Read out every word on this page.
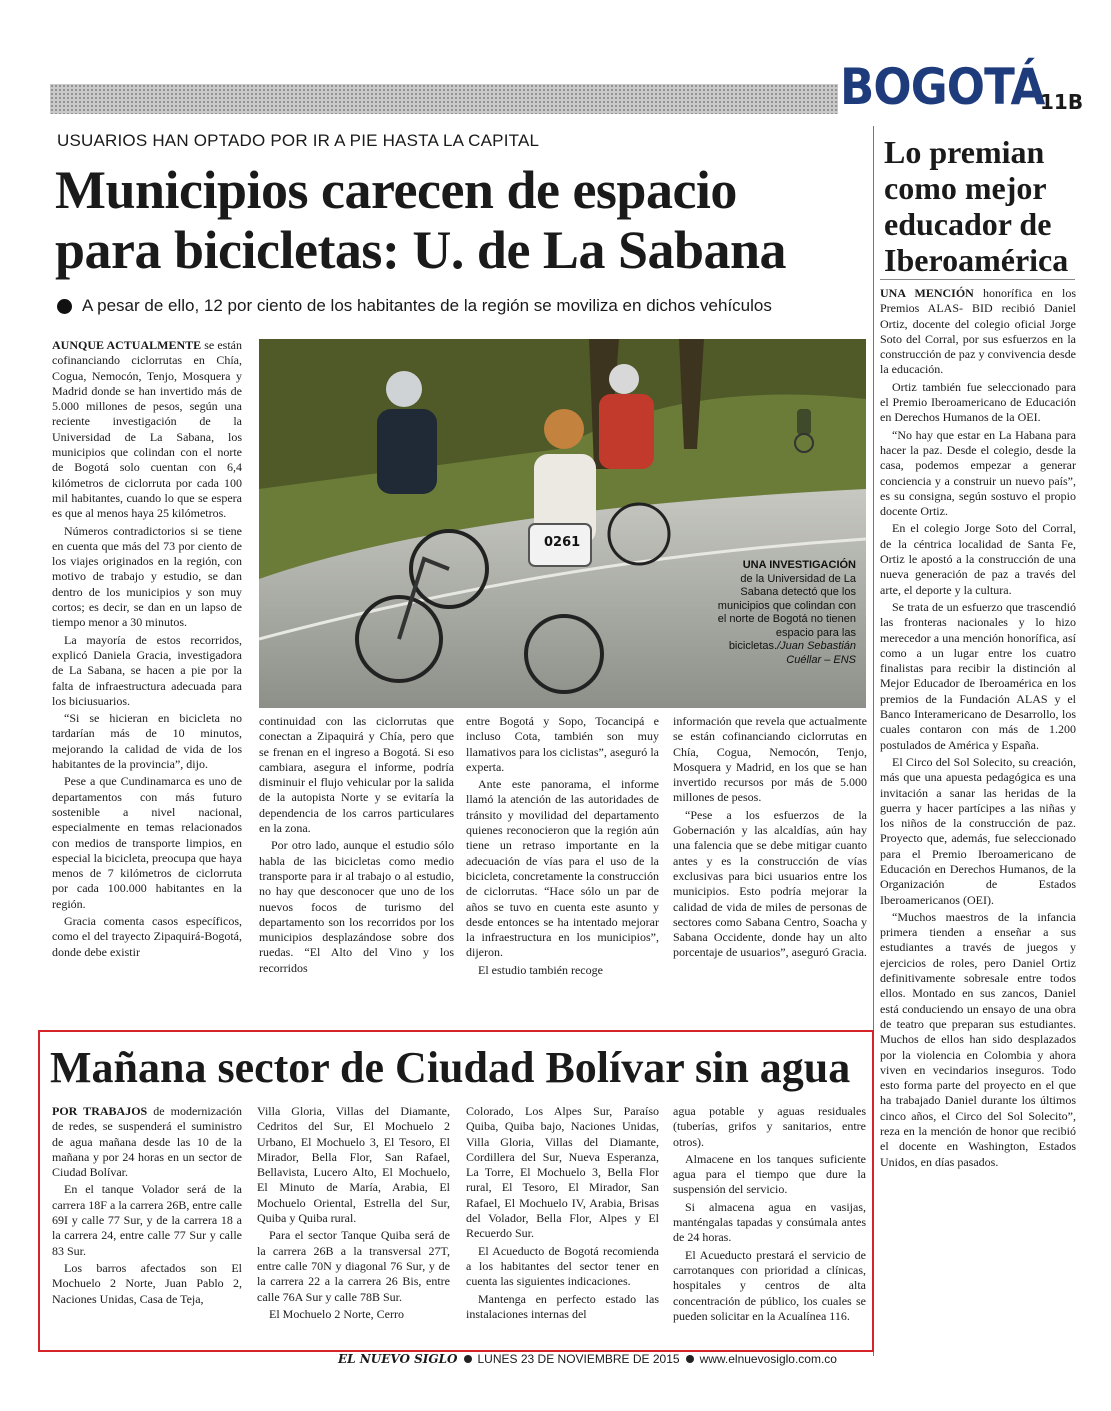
BOGOTÁ
11B
USUARIOS HAN OPTADO POR IR A PIE HASTA LA CAPITAL
Municipios carecen de espacio
para bicicletas: U. de La Sabana
A pesar de ello, 12 por ciento de los habitantes de la región se moviliza en dichos vehículos

AUNQUE ACTUALMENTE se están cofinanciando ciclorrutas en Chía, Cogua, Nemocón, Tenjo, Mosquera y Madrid donde se han invertido más de 5.000 millones de pesos, según una reciente investigación de la Universidad de La Sabana, los municipios que colindan con el norte de Bogotá solo cuentan con 6,4 kilómetros de ciclorruta por cada 100 mil habitantes, cuando lo que se espera es que al menos haya 25 kilómetros.

Números contradictorios si se tiene en cuenta que más del 73 por ciento de los viajes originados en la región, con motivo de trabajo y estudio, se dan dentro de los municipios y son muy cortos; es decir, se dan en un lapso de tiempo menor a 30 minutos.

La mayoría de estos recorridos, explicó Daniela Gracia, investigadora de La Sabana, se hacen a pie por la falta de infraestructura adecuada para los biciusuarios.

“Si se hicieran en bicicleta no tardarían más de 10 minutos, mejorando la calidad de vida de los habitantes de la provincia”, dijo.

Pese a que Cundinamarca es uno de departamentos con más futuro sostenible a nivel nacional, especialmente en temas relacionados con medios de transporte limpios, en especial la bicicleta, preocupa que haya menos de 7 kilómetros de ciclorruta por cada 100.000 habitantes en la región.

Gracia comenta casos específicos, como el del trayecto Zipaquirá-Bogotá, donde debe existir

0261
UNA INVESTIGACIÓN
de la Universidad de La Sabana detectó que los municipios que colindan con el norte de Bogotá no tienen espacio para las bicicletas./Juan Sebastián Cuéllar – ENS

continuidad con las ciclorrutas que conectan a Zipaquirá y Chía, pero que se frenan en el ingreso a Bogotá. Si eso cambiara, asegura el informe, podría disminuir el flujo vehicular por la salida de la autopista Norte y se evitaría la dependencia de los carros particulares en la zona.

Por otro lado, aunque el estudio sólo habla de las bicicletas como medio transporte para ir al trabajo o al estudio, no hay que desconocer que uno de los nuevos focos de turismo del departamento son los recorridos por los municipios desplazándose sobre dos ruedas. “El Alto del Vino y los recorridos

entre Bogotá y Sopo, Tocancipá e incluso Cota, también son muy llamativos para los ciclistas”, aseguró la experta.

Ante este panorama, el informe llamó la atención de las autoridades de tránsito y movilidad del departamento quienes reconocieron que la región aún tiene un retraso importante en la adecuación de vías para el uso de la bicicleta, concretamente la construcción de ciclorrutas. “Hace sólo un par de años se tuvo en cuenta este asunto y desde entonces se ha intentado mejorar la infraestructura en los municipios”, dijeron.

El estudio también recoge

información que revela que actualmente se están cofinanciando ciclorrutas en Chía, Cogua, Nemocón, Tenjo, Mosquera y Madrid, en los que se han invertido recursos por más de 5.000 millones de pesos.

“Pese a los esfuerzos de la Gobernación y las alcaldías, aún hay una falencia que se debe mitigar cuanto antes y es la construcción de vías exclusivas para bici usuarios entre los municipios. Esto podría mejorar la calidad de vida de miles de personas de sectores como Sabana Centro, Soacha y Sabana Occidente, donde hay un alto porcentaje de usuarios”, aseguró Gracia.

Mañana sector de Ciudad Bolívar sin agua

POR TRABAJOS de modernización de redes, se suspenderá el suministro de agua mañana desde las 10 de la mañana y por 24 horas en un sector de Ciudad Bolívar.

En el tanque Volador será de la carrera 18F a la carrera 26B, entre calle 69I y calle 77 Sur, y de la carrera 18 a la carrera 24, entre calle 77 Sur y calle 83 Sur.

Los barros afectados son El Mochuelo 2 Norte, Juan Pablo 2, Naciones Unidas, Casa de Teja,

Villa Gloria, Villas del Diamante, Cedritos del Sur, El Mochuelo 2 Urbano, El Mochuelo 3, El Tesoro, El Mirador, Bella Flor, San Rafael, Bellavista, Lucero Alto, El Mochuelo, El Minuto de María, Arabia, El Mochuelo Oriental, Estrella del Sur, Quiba y Quiba rural.

Para el sector Tanque Quiba será de la carrera 26B a la transversal 27T, entre calle 70N y diagonal 76 Sur, y de la carrera 22 a la carrera 26 Bis, entre calle 76A Sur y calle 78B Sur.

El Mochuelo 2 Norte, Cerro

Colorado, Los Alpes Sur, Paraíso Quiba, Quiba bajo, Naciones Unidas, Villa Gloria, Villas del Diamante, Cordillera del Sur, Nueva Esperanza, La Torre, El Mochuelo 3, Bella Flor rural, El Tesoro, El Mirador, San Rafael, El Mochuelo IV, Arabia, Brisas del Volador, Bella Flor, Alpes y El Recuerdo Sur.

El Acueducto de Bogotá recomienda a los habitantes del sector tener en cuenta las siguientes indicaciones.

Mantenga en perfecto estado las instalaciones internas del

agua potable y aguas residuales (tuberías, grifos y sanitarios, entre otros).

Almacene en los tanques suficiente agua para el tiempo que dure la suspensión del servicio.

Si almacena agua en vasijas, manténgalas tapadas y consúmala antes de 24 horas.

El Acueducto prestará el servicio de carrotanques con prioridad a clínicas, hospitales y centros de alta concentración de público, los cuales se pueden solicitar en la Acualínea 116.

Lo premian
como mejor
educador de
Iberoamérica

UNA MENCIÓN honorífica en los Premios ALAS- BID recibió Daniel Ortiz, docente del colegio oficial Jorge Soto del Corral, por sus esfuerzos en la construcción de paz y convivencia desde la educación.

Ortiz también fue seleccionado para el Premio Iberoamericano de Educación en Derechos Humanos de la OEI.

“No hay que estar en La Habana para hacer la paz. Desde el colegio, desde la casa, podemos empezar a generar conciencia y a construir un nuevo país”, es su consigna, según sostuvo el propio docente Ortiz.

En el colegio Jorge Soto del Corral, de la céntrica localidad de Santa Fe, Ortiz le apostó a la construcción de una nueva generación de paz a través del arte, el deporte y la cultura.

Se trata de un esfuerzo que trascendió las fronteras nacionales y lo hizo merecedor a una mención honorífica, así como a un lugar entre los cuatro finalistas para recibir la distinción al Mejor Educador de Iberoamérica en los premios de la Fundación ALAS y el Banco Interamericano de Desarrollo, los cuales contaron con más de 1.200 postulados de América y España.

El Circo del Sol Solecito, su creación, más que una apuesta pedagógica es una invitación a sanar las heridas de la guerra y hacer partícipes a las niñas y los niños de la construcción de paz. Proyecto que, además, fue seleccionado para el Premio Iberoamericano de Educación en Derechos Humanos, de la Organización de Estados Iberoamericanos (OEI).

“Muchos maestros de la infancia primera tienden a enseñar a sus estudiantes a través de juegos y ejercicios de roles, pero Daniel Ortiz definitivamente sobresale entre todos ellos. Montado en sus zancos, Daniel está conduciendo un ensayo de una obra de teatro que preparan sus estudiantes. Muchos de ellos han sido desplazados por la violencia en Colombia y ahora viven en vecindarios inseguros. Todo esto forma parte del proyecto en el que ha trabajado Daniel durante los últimos cinco años, el Circo del Sol Solecito”, reza en la mención de honor que recibió el docente en Washington, Estados Unidos, en días pasados.

EL NUEVO SIGLO LUNES 23 DE NOVIEMBRE DE 2015 www.elnuevosiglo.com.co
